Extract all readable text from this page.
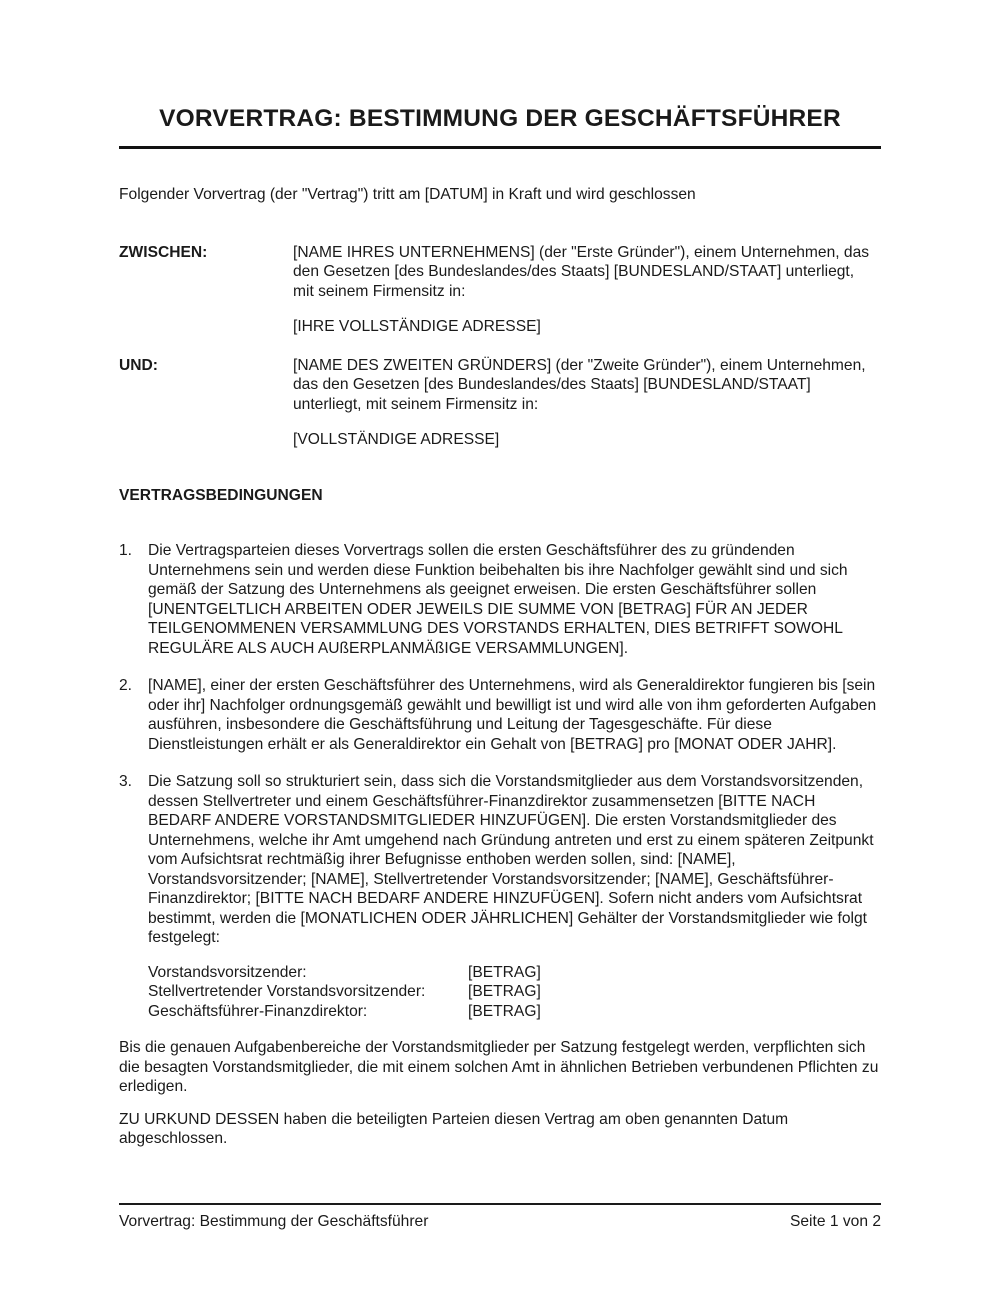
VORVERTRAG: BESTIMMUNG DER GESCHÄFTSFÜHRER

Folgender Vorvertrag (der "Vertrag") tritt am [DATUM] in Kraft und wird geschlossen

ZWISCHEN:	[NAME IHRES UNTERNEHMENS] (der "Erste Gründer"), einem Unternehmen, das den Gesetzen [des Bundeslandes/des Staats] [BUNDESLAND/STAAT] unterliegt, mit seinem Firmensitz in:

[IHRE VOLLSTÄNDIGE ADRESSE]

UND:	[NAME DES ZWEITEN GRÜNDERS] (der "Zweite Gründer"), einem Unternehmen, das den Gesetzen [des Bundeslandes/des Staats] [BUNDESLAND/STAAT] unterliegt, mit seinem Firmensitz in:

[VOLLSTÄNDIGE ADRESSE]

VERTRAGSBEDINGUNGEN
1.	Die Vertragsparteien dieses Vorvertrags sollen die ersten Geschäftsführer des zu gründenden Unternehmens sein und werden diese Funktion beibehalten bis ihre Nachfolger gewählt sind und sich gemäß der Satzung des Unternehmens als geeignet erweisen. Die ersten Geschäftsführer sollen [UNENTGELTLICH ARBEITEN ODER JEWEILS DIE SUMME VON [BETRAG] FÜR AN JEDER TEILGENOMMENEN VERSAMMLUNG DES VORSTANDS ERHALTEN, DIES BETRIFFT SOWOHL REGULÄRE ALS AUCH AUßERPLANMÄßIGE VERSAMMLUNGEN].
2.	[NAME], einer der ersten Geschäftsführer des Unternehmens, wird als Generaldirektor fungieren bis [sein oder ihr] Nachfolger ordnungsgemäß gewählt und bewilligt ist und wird alle von ihm geforderten Aufgaben ausführen, insbesondere die Geschäftsführung und Leitung der Tagesgeschäfte. Für diese Dienstleistungen erhält er als Generaldirektor ein Gehalt von [BETRAG] pro [MONAT ODER JAHR].
3.	Die Satzung soll so strukturiert sein, dass sich die Vorstandsmitglieder aus dem Vorstandsvorsitzenden, dessen Stellvertreter und einem Geschäftsführer-Finanzdirektor zusammensetzen [BITTE NACH BEDARF ANDERE VORSTANDSMITGLIEDER HINZUFÜGEN]. Die ersten Vorstandsmitglieder des Unternehmens, welche ihr Amt umgehend nach Gründung antreten und erst zu einem späteren Zeitpunkt vom Aufsichtsrat rechtmäßig ihrer Befugnisse enthoben werden sollen, sind: [NAME], Vorstandsvorsitzender; [NAME], Stellvertretender Vorstandsvorsitzender; [NAME], Geschäftsführer-Finanzdirektor; [BITTE NACH BEDARF ANDERE HINZUFÜGEN]. Sofern nicht anders vom Aufsichtsrat bestimmt, werden die [MONATLICHEN ODER JÄHRLICHEN] Gehälter der Vorstandsmitglieder wie folgt festgelegt:
Vorstandsvorsitzender:	[BETRAG]
Stellvertretender Vorstandsvorsitzender:	[BETRAG]
Geschäftsführer-Finanzdirektor:	[BETRAG]

Bis die genauen Aufgabenbereiche der Vorstandsmitglieder per Satzung festgelegt werden, verpflichten sich die besagten Vorstandsmitglieder, die mit einem solchen Amt in ähnlichen Betrieben verbundenen Pflichten zu erledigen.

ZU URKUND DESSEN haben die beteiligten Parteien diesen Vertrag am oben genannten Datum abgeschlossen.

Vorvertrag: Bestimmung der Geschäftsführer	Seite 1 von 2
